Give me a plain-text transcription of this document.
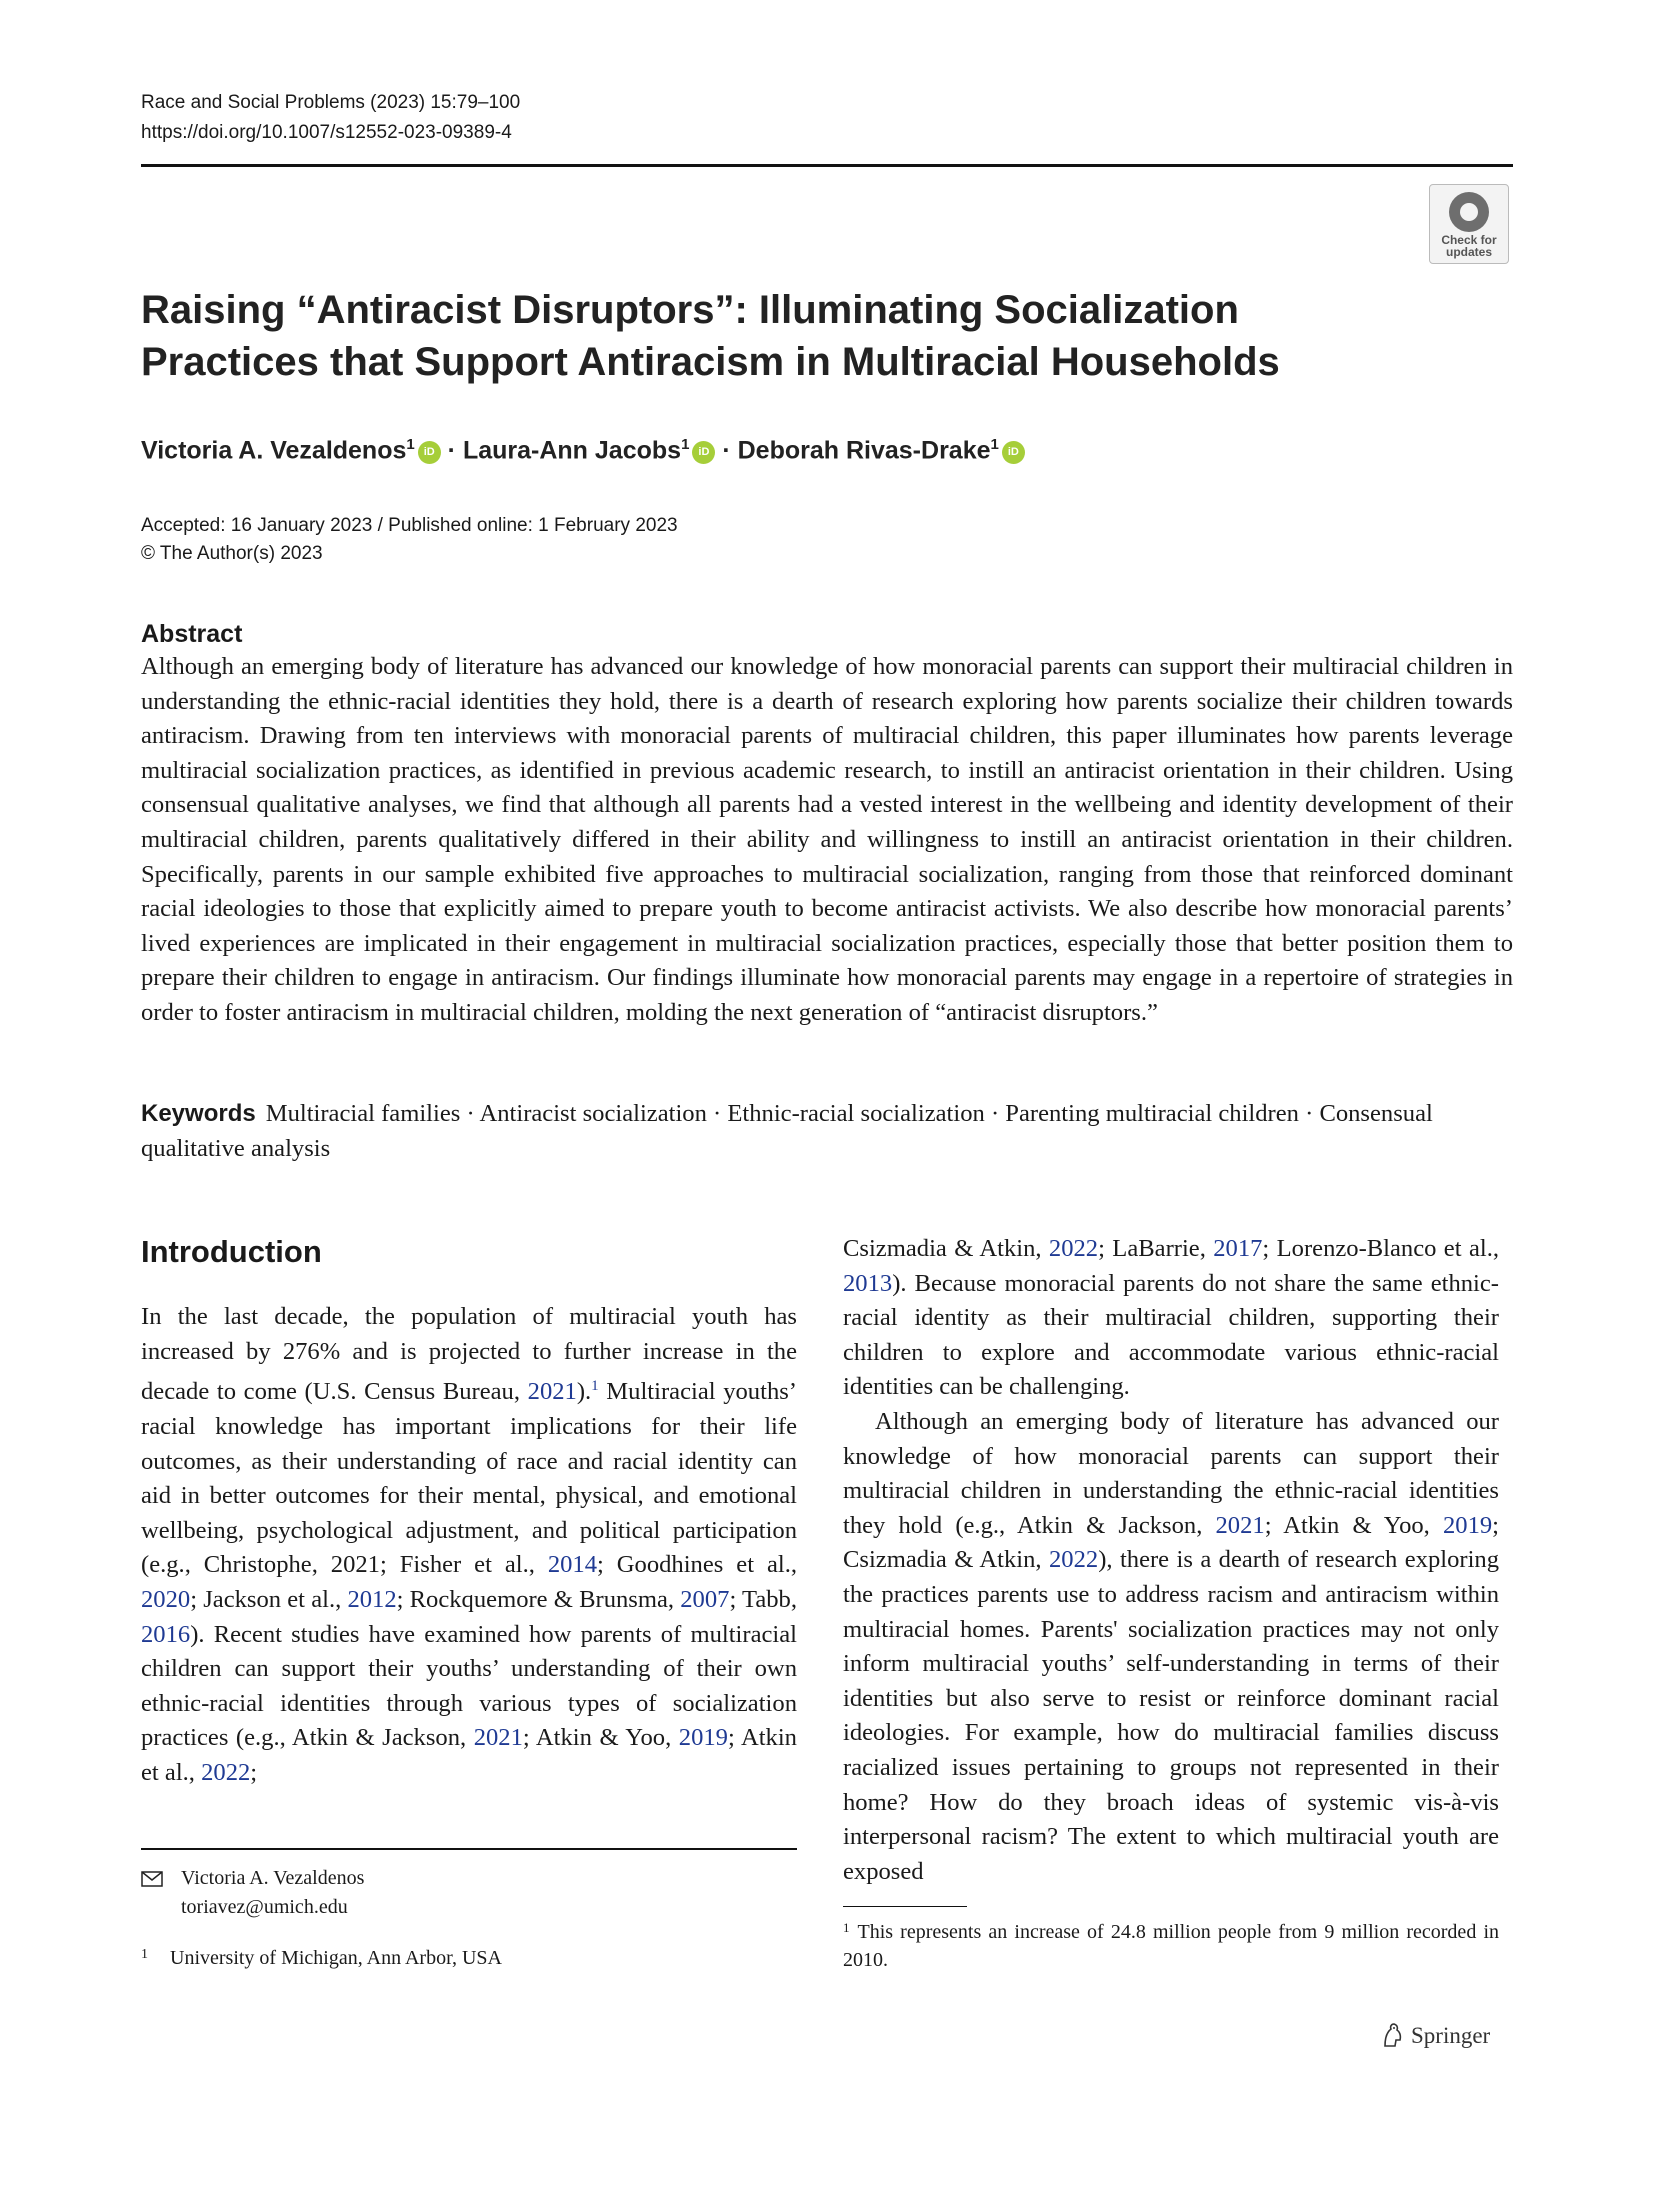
Race and Social Problems (2023) 15:79–100
https://doi.org/10.1007/s12552-023-09389-4
Check for
updates
Raising “Antiracist Disruptors”: Illuminating Socialization Practices that Support Antiracism in Multiracial Households
Victoria A. Vezaldenos$^1$ iD · Laura-Ann Jacobs$^1$ iD · Deborah Rivas-Drake$^1$ iD
Accepted: 16 January 2023 / Published online: 1 February 2023
© The Author(s) 2023
Abstract
Although an emerging body of literature has advanced our knowledge of how monoracial parents can support their multiracial children in understanding the ethnic-racial identities they hold, there is a dearth of research exploring how parents socialize their children towards antiracism. Drawing from ten interviews with monoracial parents of multiracial children, this paper illuminates how parents leverage multiracial socialization practices, as identified in previous academic research, to instill an antiracist orientation in their children. Using consensual qualitative analyses, we find that although all parents had a vested interest in the wellbeing and identity development of their multiracial children, parents qualitatively differed in their ability and willingness to instill an antiracist orientation in their children. Specifically, parents in our sample exhibited five approaches to multiracial socialization, ranging from those that reinforced dominant racial ideologies to those that explicitly aimed to prepare youth to become antiracist activists. We also describe how monoracial parents’ lived experiences are implicated in their engagement in multiracial socialization practices, especially those that better position them to prepare their children to engage in antiracism. Our findings illuminate how monoracial parents may engage in a repertoire of strategies in order to foster antiracism in multiracial children, molding the next generation of “antiracist disruptors.”
Keywords Multiracial families · Antiracist socialization · Ethnic-racial socialization · Parenting multiracial children · Consensual qualitative analysis
Introduction

In the last decade, the population of multiracial youth has increased by 276% and is projected to further increase in the decade to come (U.S. Census Bureau, 2021).$^1$ Multiracial youths’ racial knowledge has important implications for their life outcomes, as their understanding of race and racial identity can aid in better outcomes for their mental, physical, and emotional wellbeing, psychological adjustment, and political participation (e.g., Christophe, 2021; Fisher et al., 2014; Goodhines et al., 2020; Jackson et al., 2012; Rockquemore & Brunsma, 2007; Tabb, 2016). Recent studies have examined how parents of multiracial children can support their youths’ understanding of their own ethnic-racial identities through various types of socialization practices (e.g., Atkin & Jackson, 2021; Atkin & Yoo, 2019; Atkin et al., 2022;

Csizmadia & Atkin, 2022; LaBarrie, 2017; Lorenzo-Blanco et al., 2013). Because monoracial parents do not share the same ethnic-racial identity as their multiracial children, supporting their children to explore and accommodate various ethnic-racial identities can be challenging.

Although an emerging body of literature has advanced our knowledge of how monoracial parents can support their multiracial children in understanding the ethnic-racial identities they hold (e.g., Atkin & Jackson, 2021; Atkin & Yoo, 2019; Csizmadia & Atkin, 2022), there is a dearth of research exploring the practices parents use to address racism and antiracism within multiracial homes. Parents' socialization practices may not only inform multiracial youths’ self-understanding in terms of their identities but also serve to resist or reinforce dominant racial ideologies. For example, how do multiracial families discuss racialized issues pertaining to groups not represented in their home? How do they broach ideas of systemic vis-à-vis interpersonal racism? The extent to which multiracial youth are exposed

Victoria A. Vezaldenos
toriavez@umich.edu
$^1$ University of Michigan, Ann Arbor, USA
$^1$ This represents an increase of 24.8 million people from 9 million recorded in 2010.
Springer
